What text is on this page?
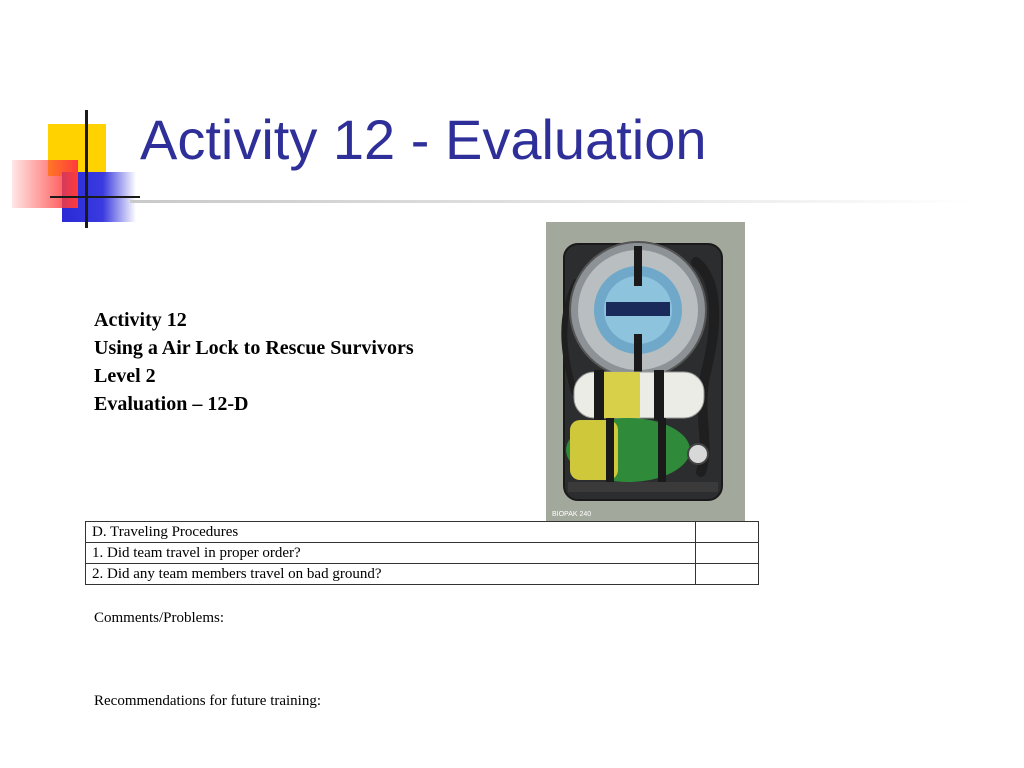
Activity 12 - Evaluation
Activity 12
Using a Air Lock to Rescue Survivors
Level 2
Evaluation – 12-D
BIOPAK 240
D. Traveling Procedures	
1. Did team travel in proper order?	
2. Did any team members travel on bad ground?	
Comments/Problems:
Recommendations for future training:
